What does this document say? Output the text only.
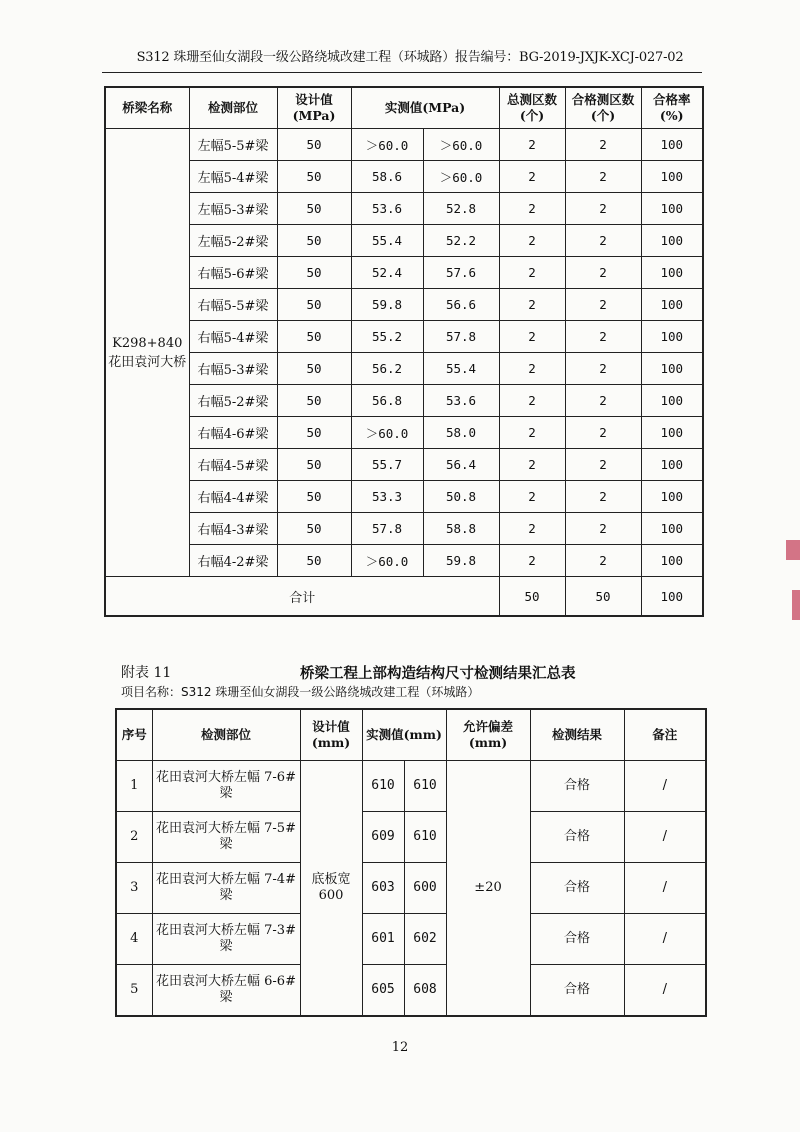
S312 珠珊至仙女湖段一级公路绕城改建工程（环城路）报告编号：BG-2019-JXJK-XCJ-027-02
桥梁名称	检测部位	设计值(MPa)	实测值(MPa)		总测区数(个)	合格测区数(个)	合格率(%)
K298+840 花田袁河大桥	左幅5-5#梁	50	＞60.0	＞60.0	2	2	100
	左幅5-4#梁	50	58.6	＞60.0	2	2	100
	左幅5-3#梁	50	53.6	52.8	2	2	100
	左幅5-2#梁	50	55.4	52.2	2	2	100
	右幅5-6#梁	50	52.4	57.6	2	2	100
	右幅5-5#梁	50	59.8	56.6	2	2	100
	右幅5-4#梁	50	55.2	57.8	2	2	100
	右幅5-3#梁	50	56.2	55.4	2	2	100
	右幅5-2#梁	50	56.8	53.6	2	2	100
	右幅4-6#梁	50	＞60.0	58.0	2	2	100
	右幅4-5#梁	50	55.7	56.4	2	2	100
	右幅4-4#梁	50	53.3	50.8	2	2	100
	右幅4-3#梁	50	57.8	58.8	2	2	100
	右幅4-2#梁	50	＞60.0	59.8	2	2	100
合计					50	50	100
附表 11	桥梁工程上部构造结构尺寸检测结果汇总表
项目名称：S312 珠珊至仙女湖段一级公路绕城改建工程（环城路）
序号	检测部位	设计值(mm)	实测值(mm)		允许偏差(mm)	检测结果	备注
1	花田袁河大桥左幅 7-6#梁	底板宽 600	610	610	±20	合格	/
2	花田袁河大桥左幅 7-5#梁		609	610		合格	/
3	花田袁河大桥左幅 7-4#梁		603	600		合格	/
4	花田袁河大桥左幅 7-3#梁		601	602		合格	/
5	花田袁河大桥左幅 6-6#梁		605	608		合格	/
12
